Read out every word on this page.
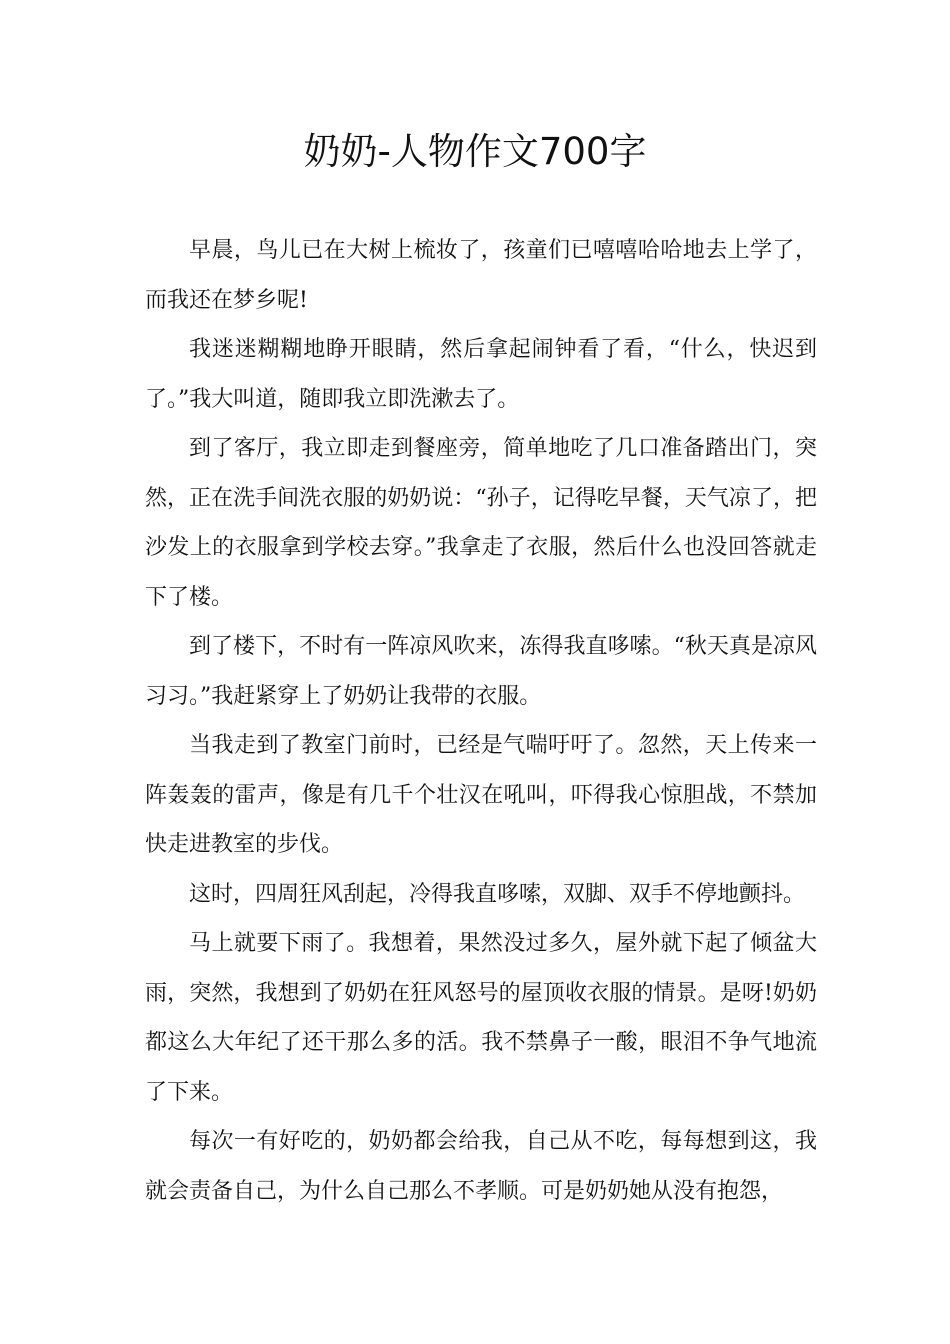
奶奶-人物作文700字

早晨，鸟儿已在大树上梳妆了，孩童们已嘻嘻哈哈地去上学了，而我还在梦乡呢!

我迷迷糊糊地睁开眼睛，然后拿起闹钟看了看，“什么，快迟到了。”我大叫道，随即我立即洗漱去了。

到了客厅，我立即走到餐座旁，简单地吃了几口准备踏出门，突然，正在洗手间洗衣服的奶奶说：“孙子，记得吃早餐，天气凉了，把沙发上的衣服拿到学校去穿。”我拿走了衣服，然后什么也没回答就走下了楼。

到了楼下，不时有一阵凉风吹来，冻得我直哆嗦。“秋天真是凉风习习。”我赶紧穿上了奶奶让我带的衣服。

当我走到了教室门前时，已经是气喘吁吁了。忽然，天上传来一阵轰轰的雷声，像是有几千个壮汉在吼叫，吓得我心惊胆战，不禁加快走进教室的步伐。

这时，四周狂风刮起，冷得我直哆嗦，双脚、双手不停地颤抖。

马上就要下雨了。我想着，果然没过多久，屋外就下起了倾盆大雨，突然，我想到了奶奶在狂风怒号的屋顶收衣服的情景。是呀!奶奶都这么大年纪了还干那么多的活。我不禁鼻子一酸，眼泪不争气地流了下来。

每次一有好吃的，奶奶都会给我，自己从不吃，每每想到这，我就会责备自己，为什么自己那么不孝顺。可是奶奶她从没有抱怨，
